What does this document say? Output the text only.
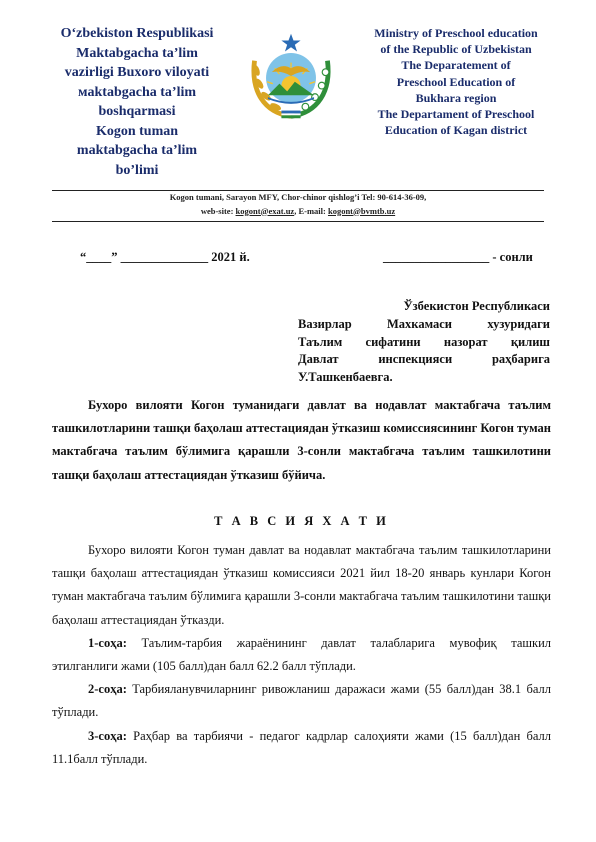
O‘zbekiston Respublikasi
Maktabgacha ta’lim
vazirligi Buxoro viloyati
мaktabgacha ta’lim
boshqarmasi
Kogon tuman
maktabgacha ta’lim
bo’limi
Ministry of Preschool education
of the Republic of Uzbekistan
The Deparatement of
Preschool Education of
Bukhara region
The Departament of Preschool
Education of Kagan district
Kogon tumani, Sarayon MFY, Chor-chinor qishlog’i Tel: 90-614-36-09,
web-site: kogont@exat.uz, E-mail: kogont@bvmtb.uz
“____” ______________ 2021 й.	_________________ - сонли
Ўзбекистон Республикаси
Вазирлар Махкамаси хузуридаги
Таълим сифатини назорат қилиш
Давлат инспекцияси раҳбарига
У.Ташкенбаевга.
Бухоро вилояти Когон туманидаги давлат ва нодавлат мактабгача таълим ташкилотларини ташқи баҳолаш аттестациядан ўтказиш комиссиясининг Когон туман мактабгача таълим бўлимига қарашли 3-сонли мактабгача таълим ташкилотини ташқи баҳолаш аттестациядан ўтказиш бўйича.
Т А В С И Я Х А Т И

Бухоро вилояти Когон туман давлат ва нодавлат мактабгача таълим ташкилотларини ташқи баҳолаш аттестациядан ўтказиш комиссияси 2021 йил 18-20 январь кунлари Когон туман мактабгача таълим бўлимига қарашли 3-сонли мактабгача таълим ташкилотини ташқи баҳолаш аттестациядан ўтказди.

1-соҳа: Таълим-тарбия жараёнининг давлат талабларига мувофиқ ташкил этилганлиги жами (105 балл)дан балл 62.2 балл тўплади.

2-соҳа: Тарбияланувчиларнинг ривожланиш даражаси жами (55 балл)дан 38.1 балл тўплади.

3-соҳа: Раҳбар ва тарбиячи - педагог кадрлар салоҳияти жами (15 балл)дан балл 11.1балл тўплади.
